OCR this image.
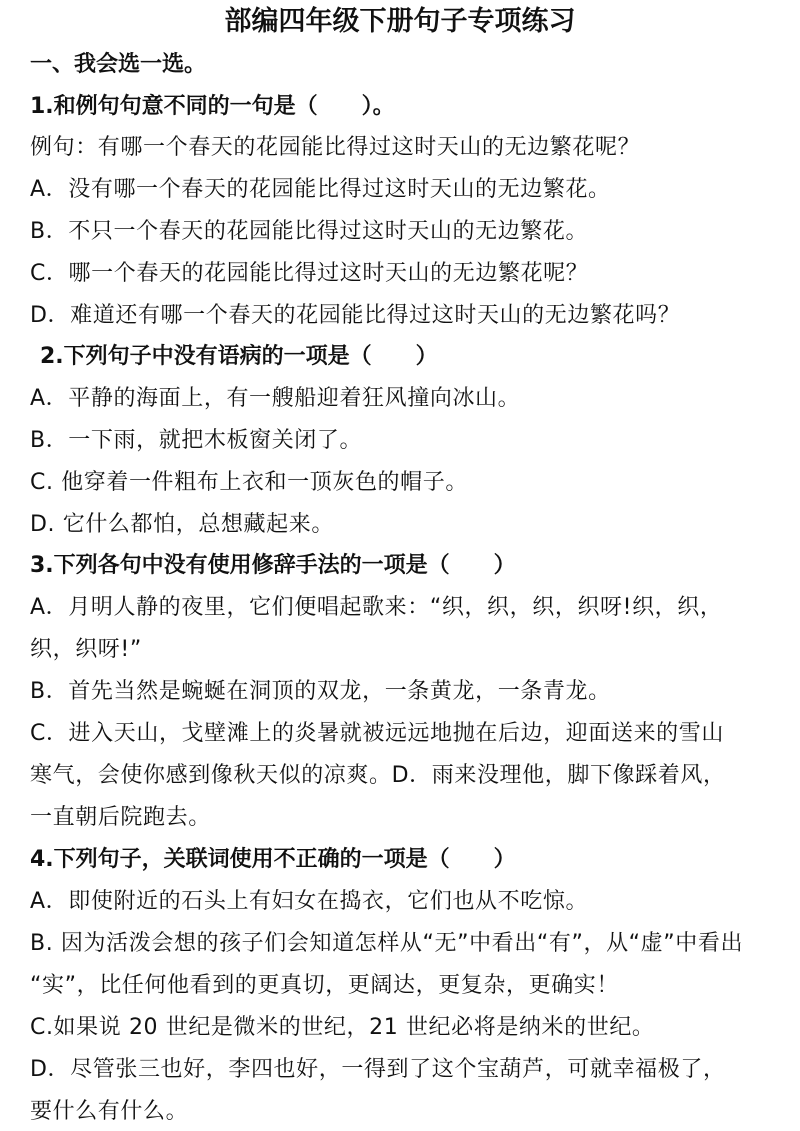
部编四年级下册句子专项练习
一、我会选一选。
1.和例句句意不同的一句是（　　）。
例句：有哪一个春天的花园能比得过这时天山的无边繁花呢？
A．没有哪一个春天的花园能比得过这时天山的无边繁花。
B．不只一个春天的花园能比得过这时天山的无边繁花。
C．哪一个春天的花园能比得过这时天山的无边繁花呢？
D．难道还有哪一个春天的花园能比得过这时天山的无边繁花吗？
2.下列句子中没有语病的一项是（　　）
A．平静的海面上，有一艘船迎着狂风撞向冰山。
B．一下雨，就把木板窗关闭了。
C. 他穿着一件粗布上衣和一顶灰色的帽子。
D. 它什么都怕，总想藏起来。
3.下列各句中没有使用修辞手法的一项是（　　）
A．月明人静的夜里，它们便唱起歌来：“织，织，织，织呀!织，织，
织，织呀!”
B．首先当然是蜿蜒在洞顶的双龙，一条黄龙，一条青龙。
C．进入天山，戈壁滩上的炎暑就被远远地抛在后边，迎面送来的雪山
寒气，会使你感到像秋天似的凉爽。D．雨来没理他，脚下像踩着风，
一直朝后院跑去。
4.下列句子，关联词使用不正确的一项是（　　）
A．即使附近的石头上有妇女在捣衣，它们也从不吃惊。
B. 因为活泼会想的孩子们会知道怎样从“无”中看出“有”，从“虚”中看出
“实”，比任何他看到的更真切，更阔达，更复杂，更确实！
C.如果说 20 世纪是微米的世纪，21 世纪必将是纳米的世纪。
D．尽管张三也好，李四也好，一得到了这个宝葫芦，可就幸福极了，
要什么有什么。
